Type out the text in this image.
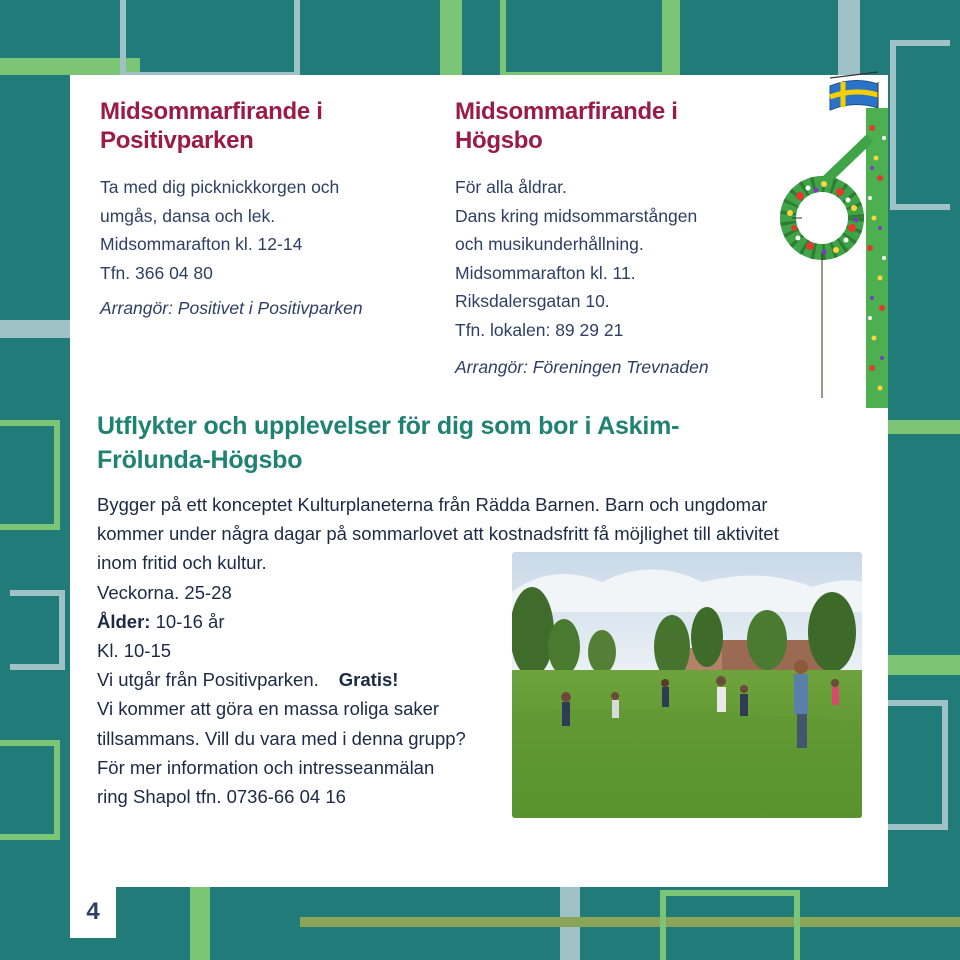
Midsommarfirande i Positivparken
Ta med dig picknickkorgen och
umgås, dansa och lek.
Midsommarafton kl. 12-14
Tfn. 366 04 80
Arrangör: Positivet i Positivparken
Midsommarfirande i Högsbo
För alla åldrar.
Dans kring midsommarstången
och musikunderhållning.
Midsommarafton kl. 11.
Riksdalersgatan 10.
Tfn. lokalen: 89 29 21
Arrangör: Föreningen Trevnaden
Utflykter och upplevelser för dig som bor i Askim-Frölunda-Högsbo
Bygger på ett konceptet Kulturplaneterna från Rädda Barnen. Barn och ungdomar
kommer under några dagar på sommarlovet att kostnadsfritt få möjlighet till aktivitet
inom fritid och kultur.
Veckorna. 25-28
Ålder: 10-16 år
Kl. 10-15
Vi utgår från Positivparken. Gratis!
Vi kommer att göra en massa roliga saker
tillsammans. Vill du vara med i denna grupp?
För mer information och intresseanmälan
ring Shapol tfn. 0736-66 04 16
4
